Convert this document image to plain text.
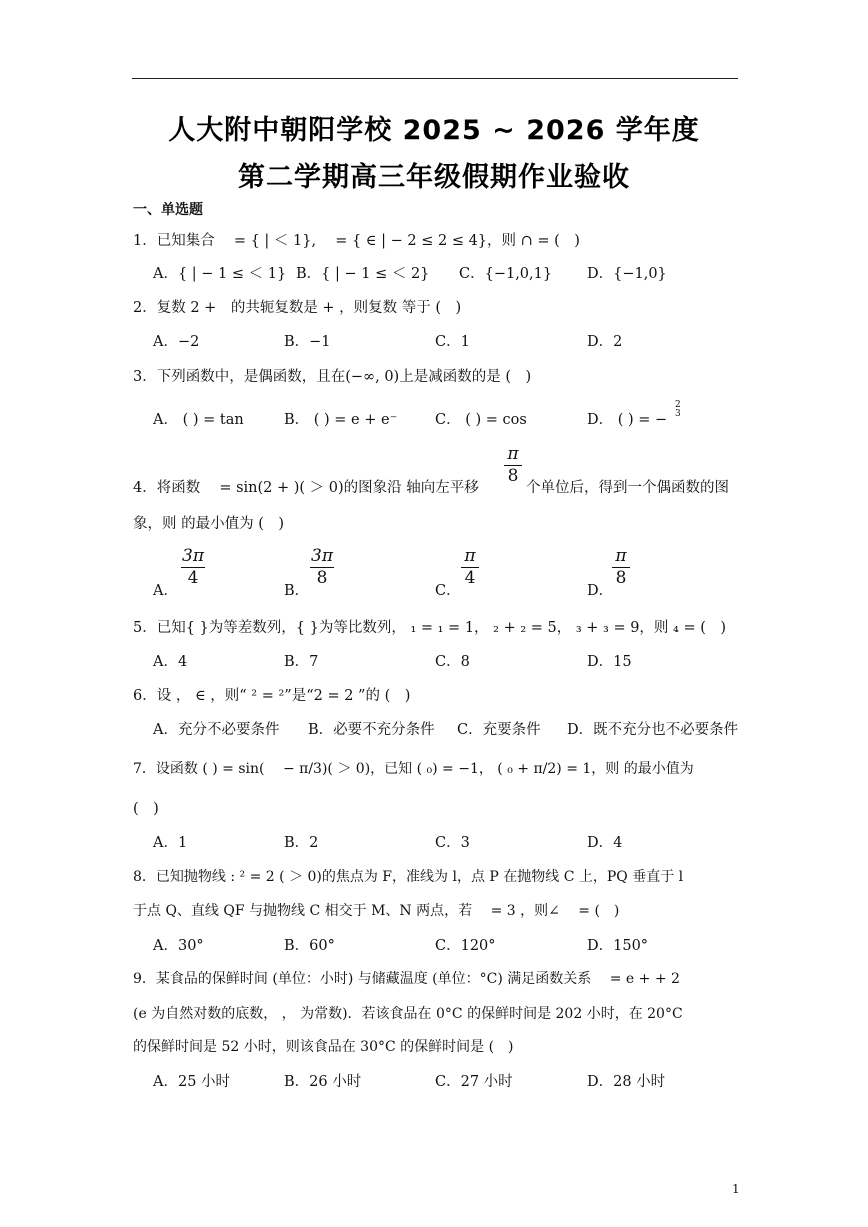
人大附中朝阳学校 2025 ~ 2026 学年度
第二学期高三年级假期作业验收
一、单选题
1．已知集合　 = { | ＜ 1},　 = { ∈ | − 2 ≤ 2 ≤ 4}，则 ∩ = (　)
A．{ | − 1 ≤ ＜ 1} B．{ | − 1 ≤ ＜ 2} C．{−1,0,1} D．{−1,0}
2．复数 2 +　的共轭复数是 + ，则复数 等于 (　)
A．−2	B．−1	C．1	D．2
3．下列函数中，是偶函数，且在(−∞, 0)上是减函数的是 (　)
A． ( ) = tan	B． ( ) = e + e⁻	C． ( ) = cos	D． ( ) = −
2
3
4．将函数　 = sin(2 + )( ＞ 0)的图象沿 轴向左平移
π
8
个单位后，得到一个偶函数的图
象，则 的最小值为 (　)
A．
3π
4
B．
3π
8
C．
π
4
D．
π
8
5．已知{ }为等差数列，{ }为等比数列， ₁ = ₁ = 1， ₂ + ₂ = 5， ₃ + ₃ = 9，则 ₄ = (　)
A．4	B．7	C．8	D．15
6．设 ， ∈ ，则“ ² = ²”是“2 = 2 ”的 (　)
A．充分不必要条件 B．必要不充分条件 C．充要条件 D．既不充分也不必要条件
7．设函数 ( ) = sin(　 − π/3)( ＞ 0)，已知 ( ₀) = −1， ( ₀ + π/2) = 1，则 的最小值为
(　)
A．1	B．2	C．3	D．4
8．已知抛物线 : ² = 2 ( ＞ 0)的焦点为 F，准线为 l，点 P 在抛物线 C 上，PQ 垂直于 l
于点 Q、直线 QF 与抛物线 C 相交于 M、N 两点，若　 = 3 ，则∠　 = (　)
A．30°	B．60°	C．120°	D．150°
9．某食品的保鲜时间 (单位：小时) 与储藏温度 (单位：°C) 满足函数关系　 = e + + 2
(e 为自然对数的底数， ， 为常数)．若该食品在 0°C 的保鲜时间是 202 小时，在 20°C
的保鲜时间是 52 小时，则该食品在 30°C 的保鲜时间是 (　)
A．25 小时	B．26 小时	C．27 小时	D．28 小时
1
